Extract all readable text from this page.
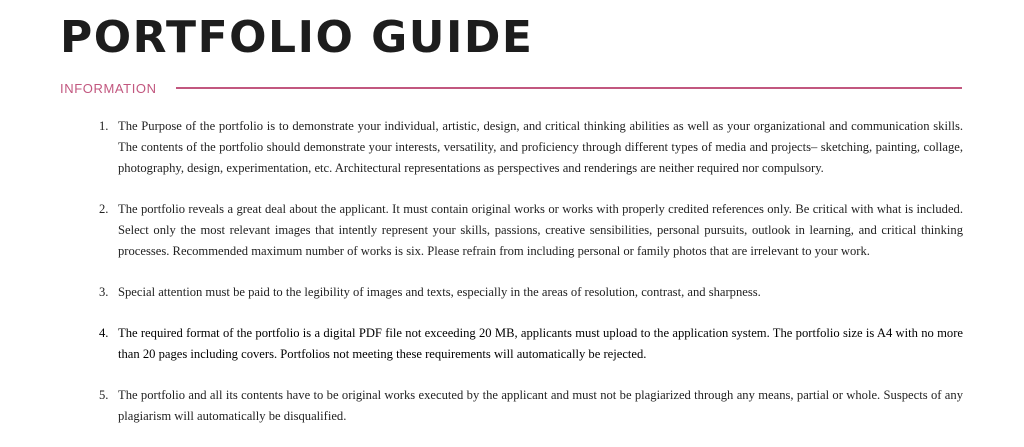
PORTFOLIO GUIDE
INFORMATION
1. The Purpose of the portfolio is to demonstrate your individual, artistic, design, and critical thinking abilities as well as your organizational and communication skills. The contents of the portfolio should demonstrate your interests, versatility, and proficiency through different types of media and projects– sketching, painting, collage, photography, design, experimentation, etc. Architectural representations as perspectives and renderings are neither required nor compulsory.
2. The portfolio reveals a great deal about the applicant. It must contain original works or works with properly credited references only. Be critical with what is included. Select only the most relevant images that intently represent your skills, passions, creative sensibilities, personal pursuits, outlook in learning, and critical thinking processes. Recommended maximum number of works is six. Please refrain from including personal or family photos that are irrelevant to your work.
3. Special attention must be paid to the legibility of images and texts, especially in the areas of resolution, contrast, and sharpness.
4. The required format of the portfolio is a digital PDF file not exceeding 20 MB, applicants must upload to the application system. The portfolio size is A4 with no more than 20 pages including covers. Portfolios not meeting these requirements will automatically be rejected.
5. The portfolio and all its contents have to be original works executed by the applicant and must not be plagiarized through any means, partial or whole. Suspects of any plagiarism will automatically be disqualified.
